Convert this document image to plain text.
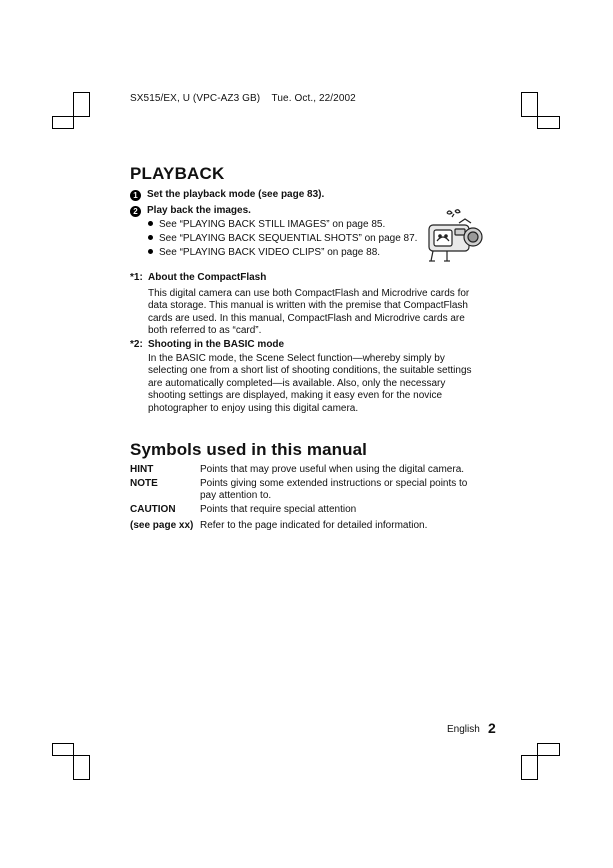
SX515/EX, U (VPC-AZ3 GB)    Tue. Oct., 22/2002
PLAYBACK
1 Set the playback mode (see page 83).
2 Play back the images.
See “PLAYING BACK STILL IMAGES” on page 85.
See “PLAYING BACK SEQUENTIAL SHOTS” on page 87.
See “PLAYING BACK VIDEO CLIPS” on page 88.
*1: About the CompactFlash
This digital camera can use both CompactFlash and Microdrive cards for data storage. This manual is written with the premise that CompactFlash cards are used. In this manual, CompactFlash and Microdrive cards are both referred to as “card”.
*2: Shooting in the BASIC mode
In the BASIC mode, the Scene Select function—whereby simply by selecting one from a short list of shooting conditions, the suitable settings are automatically completed—is available. Also, only the necessary shooting settings are displayed, making it easy even for the novice photographer to enjoy using this digital camera.
Symbols used in this manual
HINT	Points that may prove useful when using the digital camera.
NOTE	Points giving some extended instructions or special points to pay attention to.
CAUTION Points that require special attention
(see page xx) Refer to the page indicated for detailed information.
English 2
